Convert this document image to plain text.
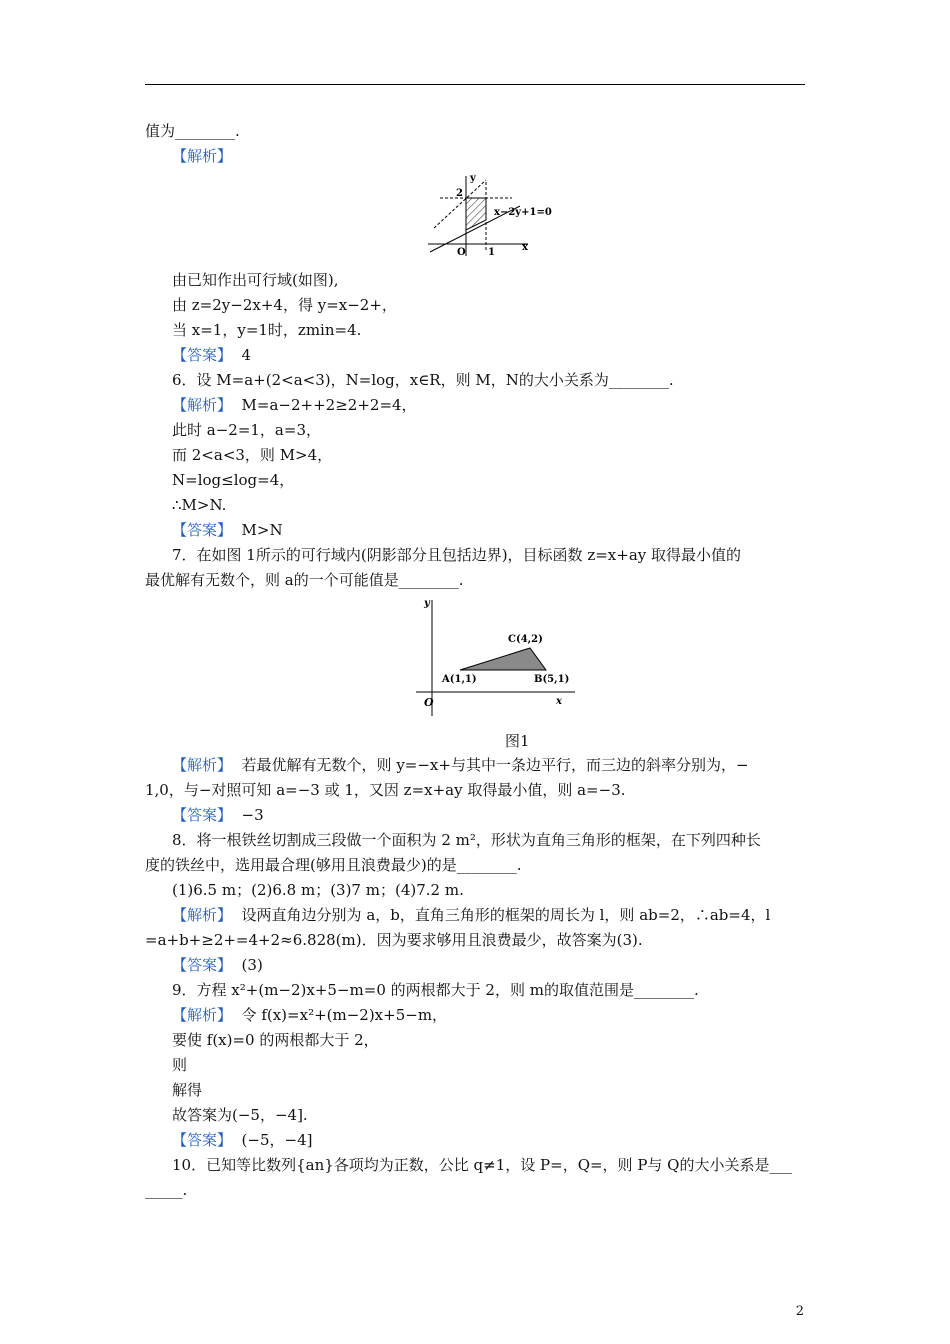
值为________.
【解析】
y
x
O
2
1
x−2y+1=0
由已知作出可行域(如图),
由 z=2y−2x+4，得 y=x−2+，
当 x=1，y=1时，zmin=4.
【答案】  4
6．设 M=a+(2<a<3)，N=log，x∈R，则 M，N的大小关系为________.
【解析】  M=a−2++2≥2+2=4，
此时 a−2=1，a=3，
而 2<a<3，则 M>4，
N=log≤log=4，
∴M>N.
【答案】  M>N
7．在如图 1所示的可行域内(阴影部分且包括边界)，目标函数 z=x+ay 取得最小值的
最优解有无数个，则 a的一个可能值是________.
y
x
O
A(1,1)	B(5,1)
C(4,2)
图1
【解析】  若最优解有无数个，则 y=−x+与其中一条边平行，而三边的斜率分别为，−
1,0，与−对照可知 a=−3 或 1，又因 z=x+ay 取得最小值，则 a=−3.
【答案】  −3
8．将一根铁丝切割成三段做一个面积为 2 m²，形状为直角三角形的框架，在下列四种长
度的铁丝中，选用最合理(够用且浪费最少)的是________.
(1)6.5 m；(2)6.8 m；(3)7 m；(4)7.2 m.
【解析】  设两直角边分别为 a，b，直角三角形的框架的周长为 l，则 ab=2，∴ab=4，l
=a+b+≥2+=4+2≈6.828(m)．因为要求够用且浪费最少，故答案为(3).
【答案】  (3)
9．方程 x²+(m−2)x+5−m=0 的两根都大于 2，则 m的取值范围是________.
【解析】  令 f(x)=x²+(m−2)x+5−m，
要使 f(x)=0 的两根都大于 2，
则
解得
故答案为(−5，−4].
【答案】  (−5，−4]
10．已知等比数列{an}各项均为正数，公比 q≠1，设 P=，Q=，则 P与 Q的大小关系是___
_____.
2
